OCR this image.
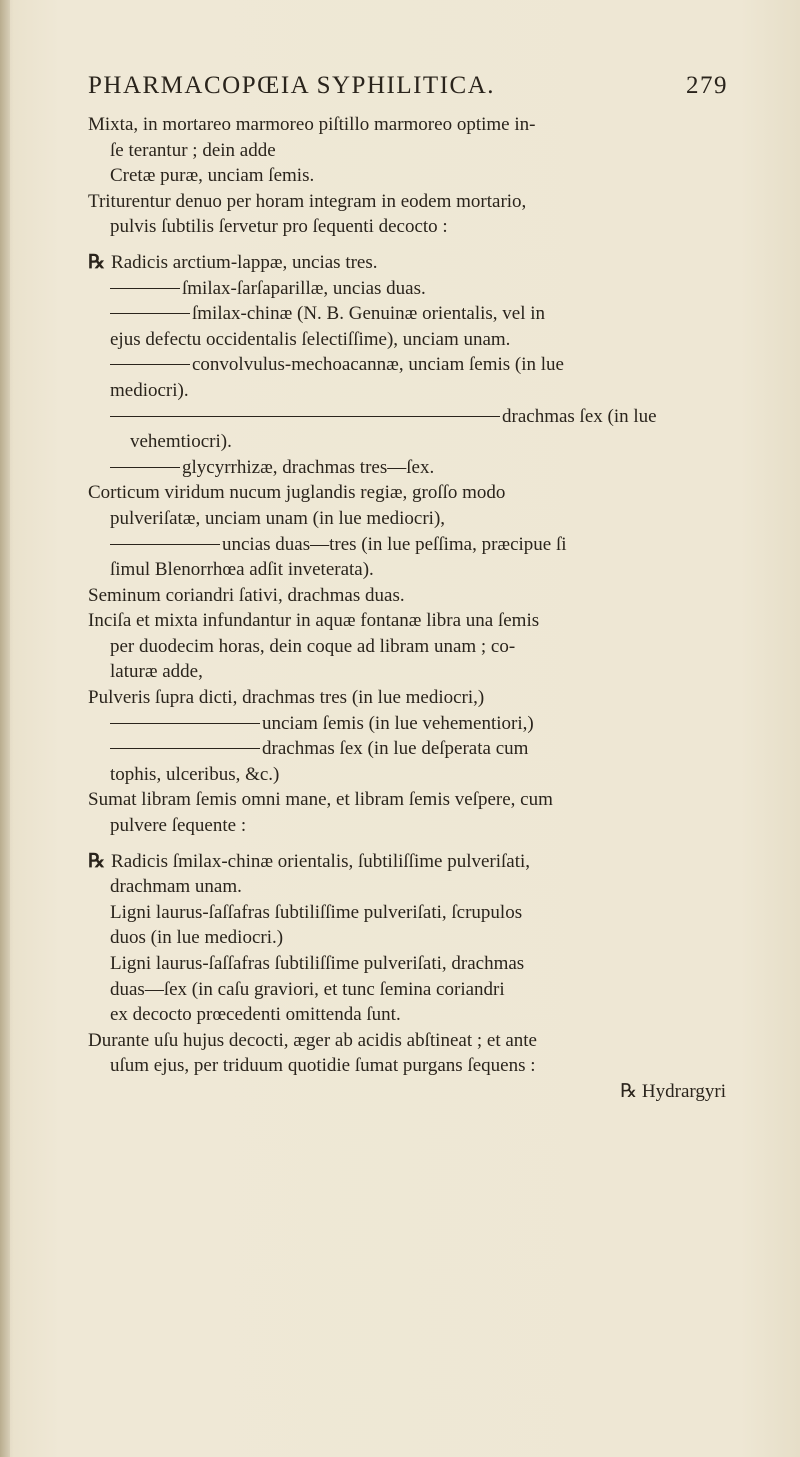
PHARMACOPŒIA SYPHILITICA.	279
Mixta, in mortareo marmoreo piſtillo marmoreo optime in-
ſe terantur ; dein adde
Cretæ puræ, unciam ſemis.
Triturentur denuo per horam integram in eodem mortario,
pulvis ſubtilis ſervetur pro ſequenti decocto :
℞ Radicis arctium-lappæ, uncias tres.
ſmilax-ſarſaparillæ, uncias duas.
ſmilax-chinæ (N. B. Genuinæ orientalis, vel in
ejus defectu occidentalis ſelectiſſime), unciam unam.
convolvulus-mechoacannæ, unciam ſemis (in lue
mediocri).
drachmas ſex (in lue
vehemtiocri).
glycyrrhizæ, drachmas tres—ſex.
Corticum viridum nucum juglandis regiæ, groſſo modo
pulveriſatæ, unciam unam (in lue mediocri),
uncias duas—tres (in lue peſſima, præcipue ſi
ſimul Blenorrhœa adſit inveterata).
Seminum coriandri ſativi, drachmas duas.
Inciſa et mixta infundantur in aquæ fontanæ libra una ſemis
per duodecim horas, dein coque ad libram unam ; co-
laturæ adde,
Pulveris ſupra dicti, drachmas tres (in lue mediocri,)
unciam ſemis (in lue vehementiori,)
drachmas ſex (in lue deſperata cum
tophis, ulceribus, &c.)
Sumat libram ſemis omni mane, et libram ſemis veſpere, cum
pulvere ſequente :
℞ Radicis ſmilax-chinæ orientalis, ſubtiliſſime pulveriſati,
drachmam unam.
Ligni laurus-ſaſſafras ſubtiliſſime pulveriſati, ſcrupulos
duos (in lue mediocri.)
Ligni laurus-ſaſſafras ſubtiliſſime pulveriſati, drachmas
duas—ſex (in caſu graviori, et tunc ſemina coriandri
ex decocto prœcedenti omittenda ſunt.
Durante uſu hujus decocti, æger ab acidis abſtineat ; et ante
uſum ejus, per triduum quotidie ſumat purgans ſequens :
℞ Hydrargyri
